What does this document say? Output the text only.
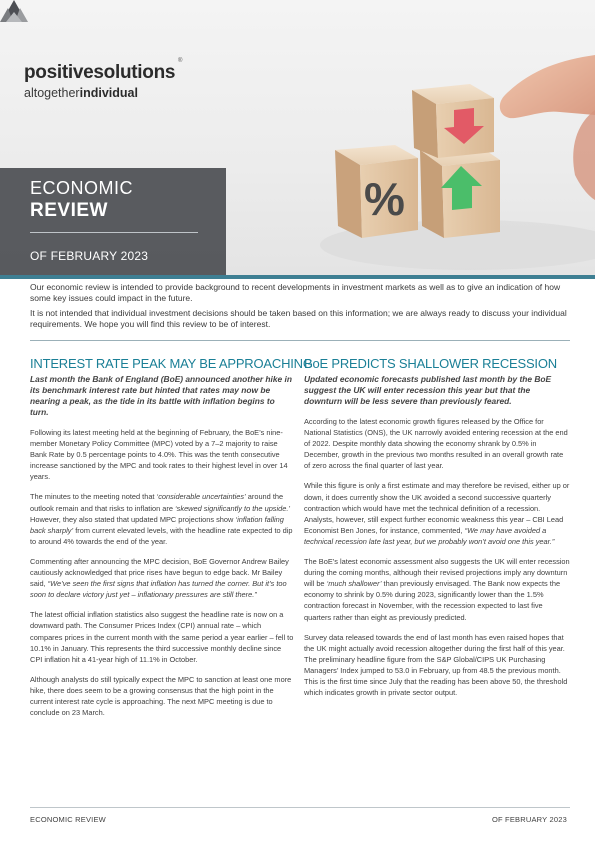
%
positivesolutions
®
altogetherindividual
ECONOMIC
REVIEW
OF FEBRUARY 2023

Our economic review is intended to provide background to recent developments in investment markets as well as to give an indication of how some key issues could impact in the future.

It is not intended that individual investment decisions should be taken based on this information; we are always ready to discuss your individual requirements. We hope you will find this review to be of interest.

INTEREST RATE PEAK MAY BE APPROACHING
Last month the Bank of England (BoE) announced another hike in its benchmark interest rate but hinted that rates may now be nearing a peak, as the tide in its battle with inflation begins to turn.

Following its latest meeting held at the beginning of February, the BoE’s nine-member Monetary Policy Committee (MPC) voted by a 7–2 majority to raise Bank Rate by 0.5 percentage points to 4.0%. This was the tenth consecutive increase sanctioned by the MPC and took rates to their highest level in over 14 years.

The minutes to the meeting noted that ‘considerable uncertainties’ around the outlook remain and that risks to inflation are ‘skewed significantly to the upside.’ However, they also stated that updated MPC projections show ‘inflation falling back sharply’ from current elevated levels, with the headline rate expected to dip to around 4% towards the end of the year.

Commenting after announcing the MPC decision, BoE Governor Andrew Bailey cautiously acknowledged that price rises have begun to edge back. Mr Bailey said, “We’ve seen the first signs that inflation has turned the corner. But it’s too soon to declare victory just yet – inflationary pressures are still there.”

The latest official inflation statistics also suggest the headline rate is now on a downward path. The Consumer Prices Index (CPI) annual rate – which compares prices in the current month with the same period a year earlier – fell to 10.1% in January. This represents the third successive monthly decline since CPI inflation hit a 41-year high of 11.1% in October.

Although analysts do still typically expect the MPC to sanction at least one more hike, there does seem to be a growing consensus that the high point in the current interest rate cycle is approaching. The next MPC meeting is due to conclude on 23 March.

BoE PREDICTS SHALLOWER RECESSION
Updated economic forecasts published last month by the BoE suggest the UK will enter recession this year but that the downturn will be less severe than previously feared.

According to the latest economic growth figures released by the Office for National Statistics (ONS), the UK narrowly avoided entering recession at the end of 2022. Despite monthly data showing the economy shrank by 0.5% in December, growth in the previous two months resulted in an overall growth rate of zero across the final quarter of last year.

While this figure is only a first estimate and may therefore be revised, either up or down, it does currently show the UK avoided a second successive quarterly contraction which would have met the technical definition of a recession. Analysts, however, still expect further economic weakness this year – CBI Lead Economist Ben Jones, for instance, commented, “We may have avoided a technical recession late last year, but we probably won’t avoid one this year.”

The BoE’s latest economic assessment also suggests the UK will enter recession during the coming months, although their revised projections imply any downturn will be ‘much shallower’ than previously envisaged. The Bank now expects the economy to shrink by 0.5% during 2023, significantly lower than the 1.5% contraction forecast in November, with the recession expected to last five quarters rather than eight as previously predicted.

Survey data released towards the end of last month has even raised hopes that the UK might actually avoid recession altogether during the first half of this year. The preliminary headline figure from the S&P Global/CIPS UK Purchasing Managers’ Index jumped to 53.0 in February, up from 48.5 the previous month. This is the first time since July that the reading has been above 50, the threshold which indicates growth in private sector output.

ECONOMIC REVIEW	OF FEBRUARY 2023
